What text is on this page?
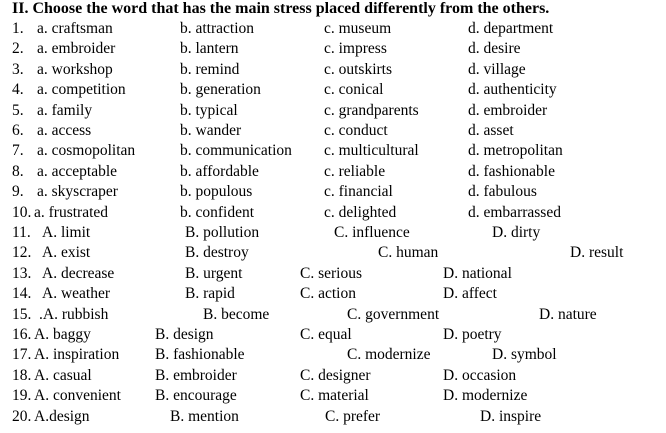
II. Choose the word that has the main stress placed differently from the others.
1. a. craftsman	b. attraction	c. museum	d. department
2. a. embroider	b. lantern	c. impress	d. desire
3. a. workshop	b. remind	c. outskirts	d. village
4. a. competition	b. generation	c. conical	d. authenticity
5. a. family	b. typical	c. grandparents	d. embroider
6. a. access	b. wander	c. conduct	d. asset
7. a. cosmopolitan	b. communication c. multicultural	d. metropolitan
8. a. acceptable	b. affordable	c. reliable	d. fashionable
9. a. skyscraper	b. populous	c. financial	d. fabulous
10. a. frustrated	b. confident	c. delighted	d. embarrassed
11. A. limit	B. pollution	C. influence	D. dirty
12. A. exist	B. destroy	C. human	D. result
13. A. decrease	B. urgent	C. serious	D. national
14. A. weather	B. rapid	C. action	D. affect
15. .A. rubbish	B. become	C. government	D. nature
16. A. baggy	B. design	C. equal	D. poetry
17. A. inspiration B. fashionable	C. modernize	D. symbol
18. A. casual	B. embroider	C. designer	D. occasion
19. A. convenient B. encourage	C. material	D. modernize
20. A.design	B. mention	C. prefer	D. inspire
